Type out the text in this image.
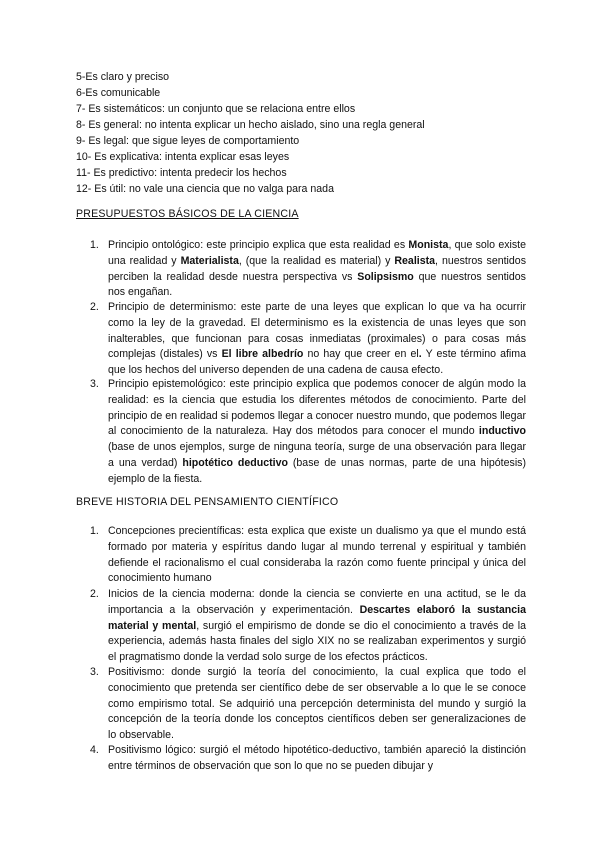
5-Es claro y preciso
6-Es comunicable
7- Es sistemáticos: un conjunto que se relaciona entre ellos
8- Es general: no intenta explicar un hecho aislado, sino una regla general
9- Es legal: que sigue leyes de comportamiento
10- Es explicativa: intenta explicar esas leyes
11- Es predictivo: intenta predecir los hechos
12- Es útil: no vale una ciencia que no valga para nada
PRESUPUESTOS BÁSICOS DE LA CIENCIA
1. Principio ontológico: este principio explica que esta realidad es Monista, que solo existe una realidad y Materialista, (que la realidad es material) y Realista, nuestros sentidos perciben la realidad desde nuestra perspectiva vs Solipsismo que nuestros sentidos nos engañan.
2. Principio de determinismo: este parte de una leyes que explican lo que va ha ocurrir como la ley de la gravedad. El determinismo es la existencia de unas leyes que son inalterables, que funcionan para cosas inmediatas (proximales) o para cosas más complejas (distales) vs El libre albedrío no hay que creer en el. Y este término afima que los hechos del universo dependen de una cadena de causa efecto.
3. Principio epistemológico: este principio explica que podemos conocer de algún modo la realidad: es la ciencia que estudia los diferentes métodos de conocimiento. Parte del principio de en realidad si podemos llegar a conocer nuestro mundo, que podemos llegar al conocimiento de la naturaleza. Hay dos métodos para conocer el mundo inductivo (base de unos ejemplos, surge de ninguna teoría, surge de una observación para llegar a una verdad) hipotético deductivo (base de unas normas, parte de una hipótesis) ejemplo de la fiesta.
BREVE HISTORIA DEL PENSAMIENTO CIENTÍFICO
1. Concepciones precientíficas: esta explica que existe un dualismo ya que el mundo está formado por materia y espíritus dando lugar al mundo terrenal y espiritual y también defiende el racionalismo el cual consideraba la razón como fuente principal y única del conocimiento humano
2. Inicios de la ciencia moderna: donde la ciencia se convierte en una actitud, se le da importancia a la observación y experimentación. Descartes elaboró la sustancia material y mental, surgió el empirismo de donde se dio el conocimiento a través de la experiencia, además hasta finales del siglo XIX no se realizaban experimentos y surgió el pragmatismo donde la verdad solo surge de los efectos prácticos.
3. Positivismo: donde surgió la teoría del conocimiento, la cual explica que todo el conocimiento que pretenda ser científico debe de ser observable a lo que le se conoce como empirismo total. Se adquirió una percepción determinista del mundo y surgió la concepción de la teoría donde los conceptos científicos deben ser generalizaciones de lo observable.
4. Positivismo lógico: surgió el método hipotético-deductivo, también apareció la distinción entre términos de observación que son lo que no se pueden dibujar y
